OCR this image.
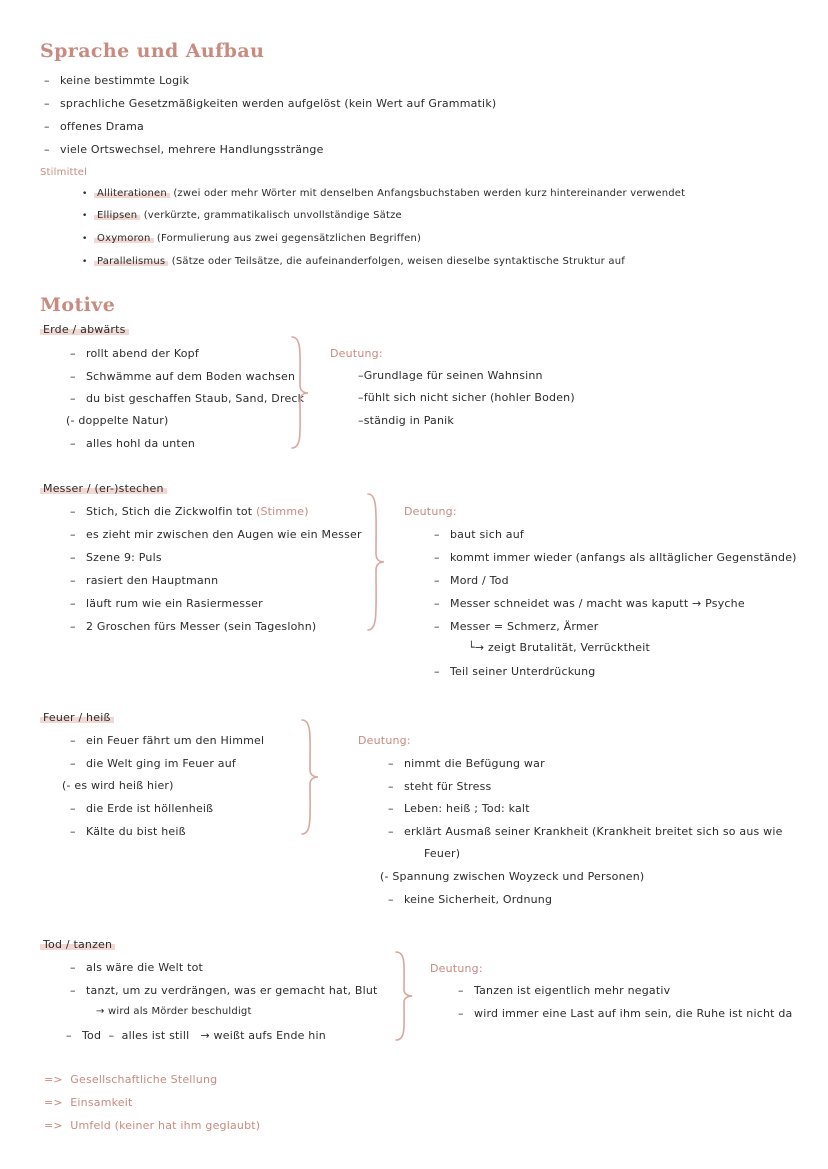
Sprache und Aufbau
– keine bestimmte Logik
– sprachliche Gesetzmäßigkeiten werden aufgelöst (kein Wert auf Grammatik)
– offenes Drama
– viele Ortswechsel, mehrere Handlungsstränge
Stilmittel
• Alliterationen (zwei oder mehr Wörter mit denselben Anfangsbuchstaben werden kurz hintereinander verwendet
• Ellipsen (verkürzte, grammatikalisch unvollständige Sätze
• Oxymoron (Formulierung aus zwei gegensätzlichen Begriffen)
• Parallelismus (Sätze oder Teilsätze, die aufeinanderfolgen, weisen dieselbe syntaktische Struktur auf
Motive
Erde / abwärts
– rollt abend der Kopf
– Schwämme auf dem Boden wachsen
– du bist geschaffen Staub, Sand, Dreck
(- doppelte Natur)
– alles hohl da unten
Deutung:
–Grundlage für seinen Wahnsinn
–fühlt sich nicht sicher (hohler Boden)
–ständig in Panik
Messer / (er-)stechen
– Stich, Stich die Zickwolfin tot (Stimme)
– es zieht mir zwischen den Augen wie ein Messer
– Szene 9: Puls
– rasiert den Hauptmann
– läuft rum wie ein Rasiermesser
– 2 Groschen fürs Messer (sein Tageslohn)
Deutung:
– baut sich auf
– kommt immer wieder (anfangs als alltäglicher Gegenstände)
– Mord / Tod
– Messer schneidet was / macht was kaputt → Psyche
– Messer = Schmerz, Ärmer
└→ zeigt Brutalität, Verrücktheit
– Teil seiner Unterdrückung
Feuer / heiß
– ein Feuer fährt um den Himmel
– die Welt ging im Feuer auf
(- es wird heiß hier)
– die Erde ist höllenheiß
– Kälte du bist heiß
Deutung:
– nimmt die Befügung war
– steht für Stress
– Leben: heiß ; Tod: kalt
– erklärt Ausmaß seiner Krankheit (Krankheit breitet sich so aus wie
Feuer)
(- Spannung zwischen Woyzeck und Personen)
– keine Sicherheit, Ordnung
Tod / tanzen
– als wäre die Welt tot
– tanzt, um zu verdrängen, was er gemacht hat, Blut
→ wird als Mörder beschuldigt
– Tod  –  alles ist still → weißt aufs Ende hin
Deutung:
– Tanzen ist eigentlich mehr negativ
– wird immer eine Last auf ihm sein, die Ruhe ist nicht da
=> Gesellschaftliche Stellung
=> Einsamkeit
=> Umfeld (keiner hat ihm geglaubt)
